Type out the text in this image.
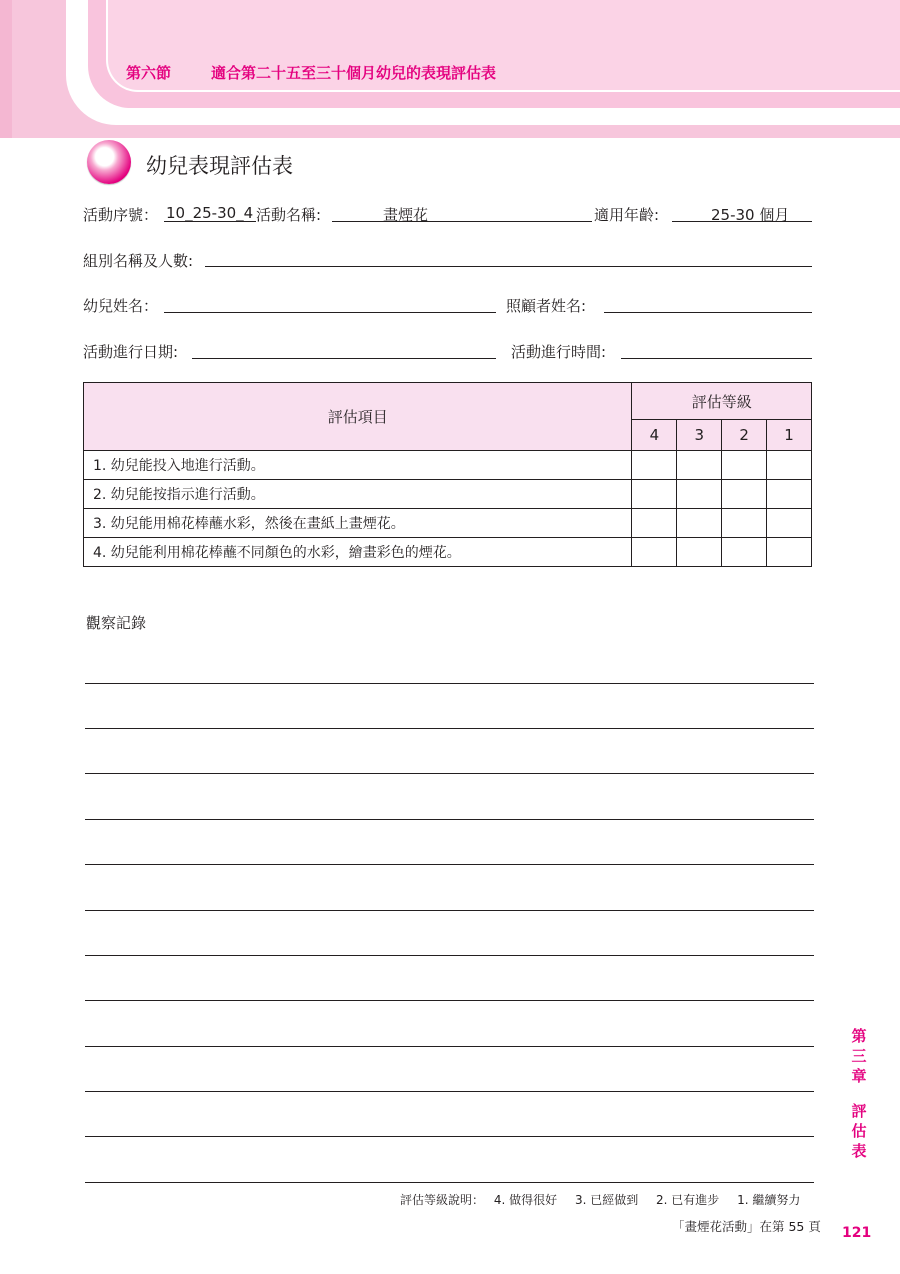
第六節	適合第二十五至三十個月幼兒的表現評估表
幼兒表現評估表
活動序號： 10_25-30_4 活動名稱:	畫煙花	適用年齡:	25-30 個月
組別名稱及人數:
幼兒姓名：	照顧者姓名:
活動進行日期:	活動進行時間:
評估項目	評估等級			
	4	3	2	1
1. 幼兒能投入地進行活動。				
2. 幼兒能按指示進行活動。				
3. 幼兒能用棉花棒蘸水彩，然後在畫紙上畫煙花。				
4. 幼兒能利用棉花棒蘸不同顏色的水彩，繪畫彩色的煙花。				
觀察記錄
第
三
章
評
估
表
評估等級說明： 4. 做得很好 3. 已經做到 2. 已有進步 1. 繼續努力
「畫煙花活動」在第 55 頁 121
